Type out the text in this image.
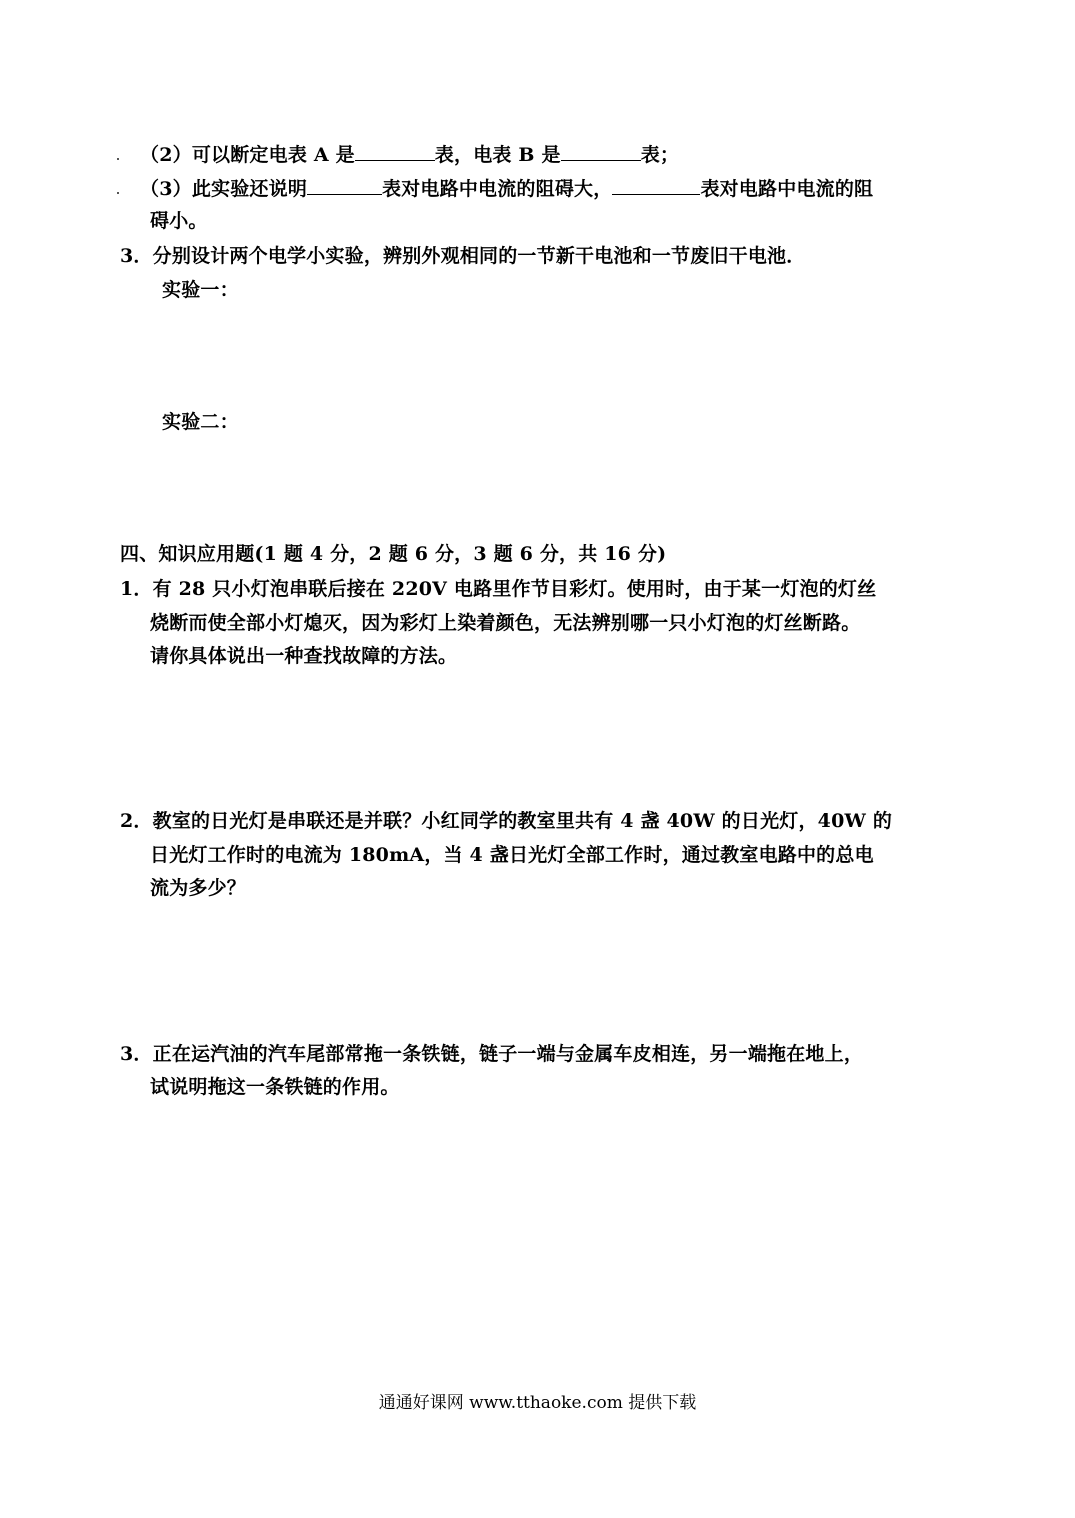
（2）可以断定电表 A 是	表，电表 B 是	表；
（3）此实验还说明	表对电路中电流的阻碍大，	表对电路中电流的阻
碍小。
3．分别设计两个电学小实验，辨别外观相同的一节新干电池和一节废旧干电池．
实验一：
实验二：
四、知识应用题(1 题 4 分，2 题 6 分，3 题 6 分，共 16 分)
1．有 28 只小灯泡串联后接在 220V 电路里作节目彩灯。使用时，由于某一灯泡的灯丝
烧断而使全部小灯熄灭，因为彩灯上染着颜色，无法辨别哪一只小灯泡的灯丝断路。
请你具体说出一种查找故障的方法。
2．教室的日光灯是串联还是并联？小红同学的教室里共有 4 盏 40W 的日光灯，40W 的
日光灯工作时的电流为 180mA，当 4 盏日光灯全部工作时，通过教室电路中的总电
流为多少？
3．正在运汽油的汽车尾部常拖一条铁链，链子一端与金属车皮相连，另一端拖在地上，
试说明拖这一条铁链的作用。
通通好课网 www.tthaoke.com 提供下载
